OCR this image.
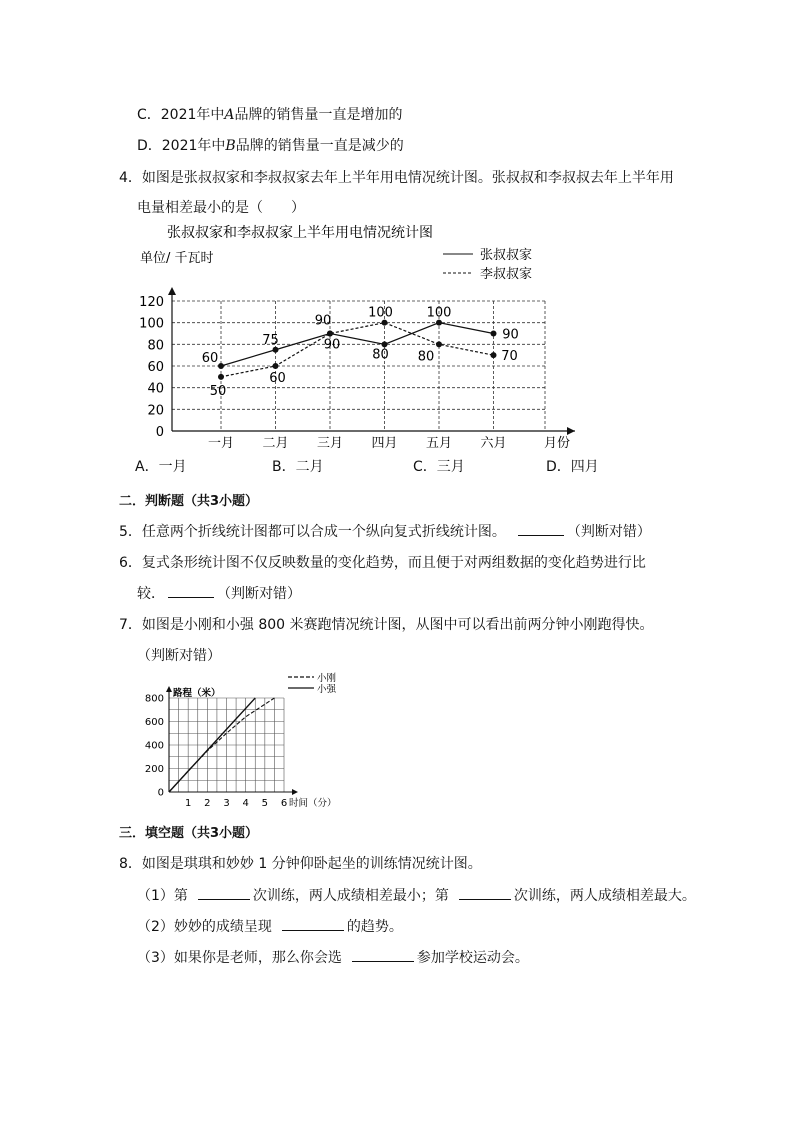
C．2021年中A品牌的销售量一直是增加的
D．2021年中B品牌的销售量一直是减少的
4．如图是张叔叔家和李叔叔家去年上半年用电情况统计图。张叔叔和李叔叔去年上半年用
电量相差最小的是（　　）
张叔叔家和李叔叔家上半年用电情况统计图
单位/ 千瓦时	张叔叔家
李叔叔家
0
20
40
60
80
100
120
一月 二月 三月 四月 五月 六月	月份
60
75
90
80
100
90
50
60
90
100
80	70
A．一月	B．二月	C．三月	D．四月
二．判断题（共3小题）
5．任意两个折线统计图都可以合成一个纵向复式折线统计图。	（判断对错）
6．复式条形统计图不仅反映数量的变化趋势，而且便于对两组数据的变化趋势进行比
较．	（判断对错）
7．如图是小刚和小强 800 米赛跑情况统计图，从图中可以看出前两分钟小刚跑得快。
（判断对错）
路程（米）
小刚
小强
0
200
400
600
800
1 2 3 4 5 6 时间（分）
三．填空题（共3小题）
8．如图是琪琪和妙妙 1 分钟仰卧起坐的训练情况统计图。
（1）第	次训练，两人成绩相差最小；第	次训练，两人成绩相差最大。
（2）妙妙的成绩呈现	的趋势。
（3）如果你是老师，那么你会选	参加学校运动会。
